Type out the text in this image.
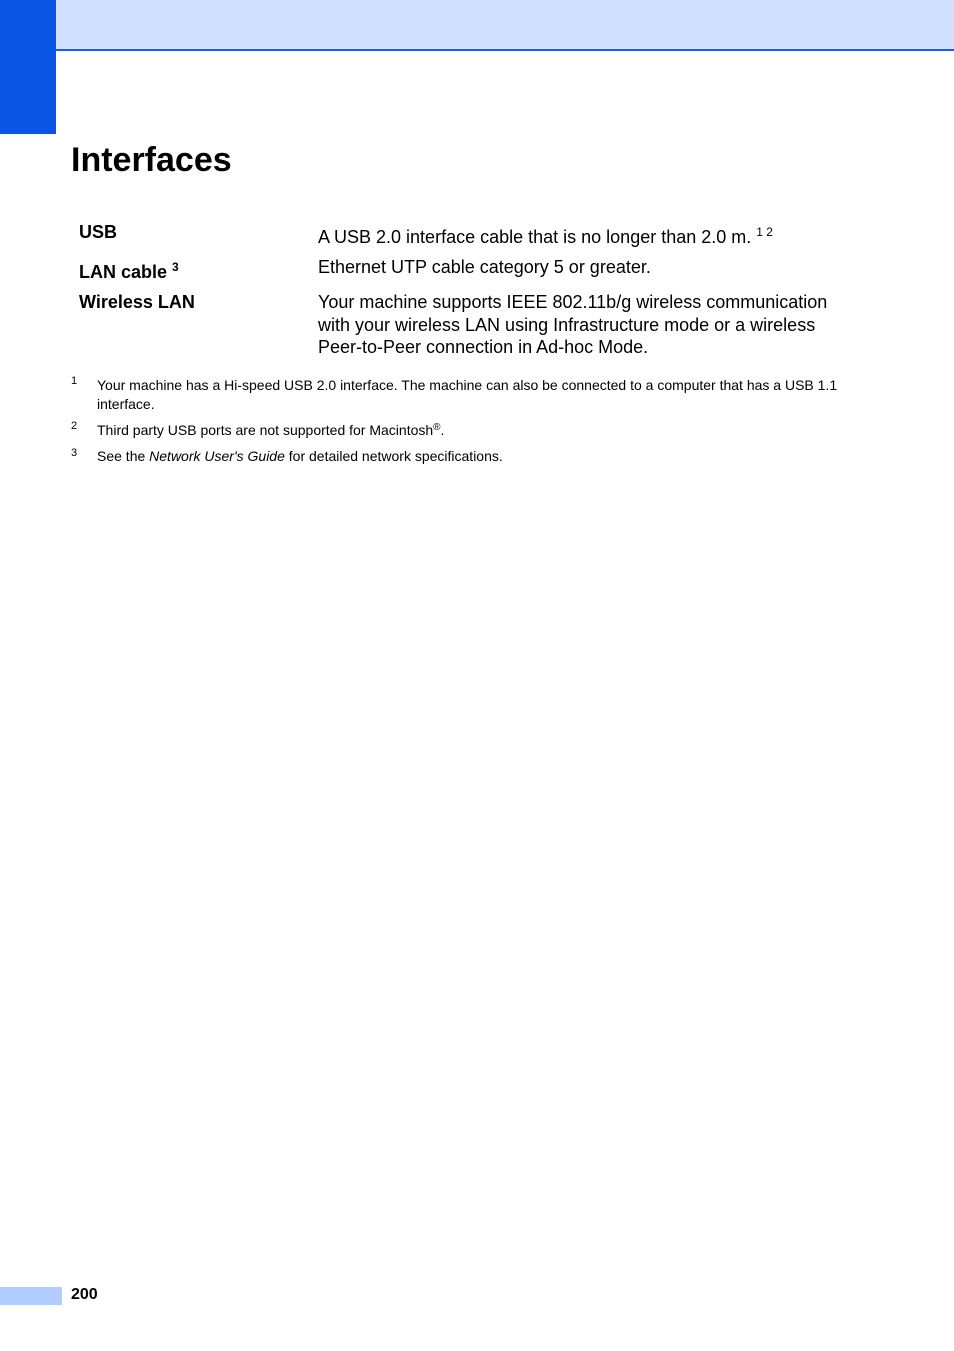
Interfaces
USB	A USB 2.0 interface cable that is no longer than 2.0 m. $^{1 2}$
LAN cable $^3$	Ethernet UTP cable category 5 or greater.
Wireless LAN	Your machine supports IEEE 802.11b/g wireless communication with your wireless LAN using Infrastructure mode or a wireless Peer-to-Peer connection in Ad-hoc Mode.
1 Your machine has a Hi-speed USB 2.0 interface. The machine can also be connected to a computer that has a USB 1.1 interface.
2 Third party USB ports are not supported for Macintosh®.
3 See the Network User's Guide for detailed network specifications.
200
